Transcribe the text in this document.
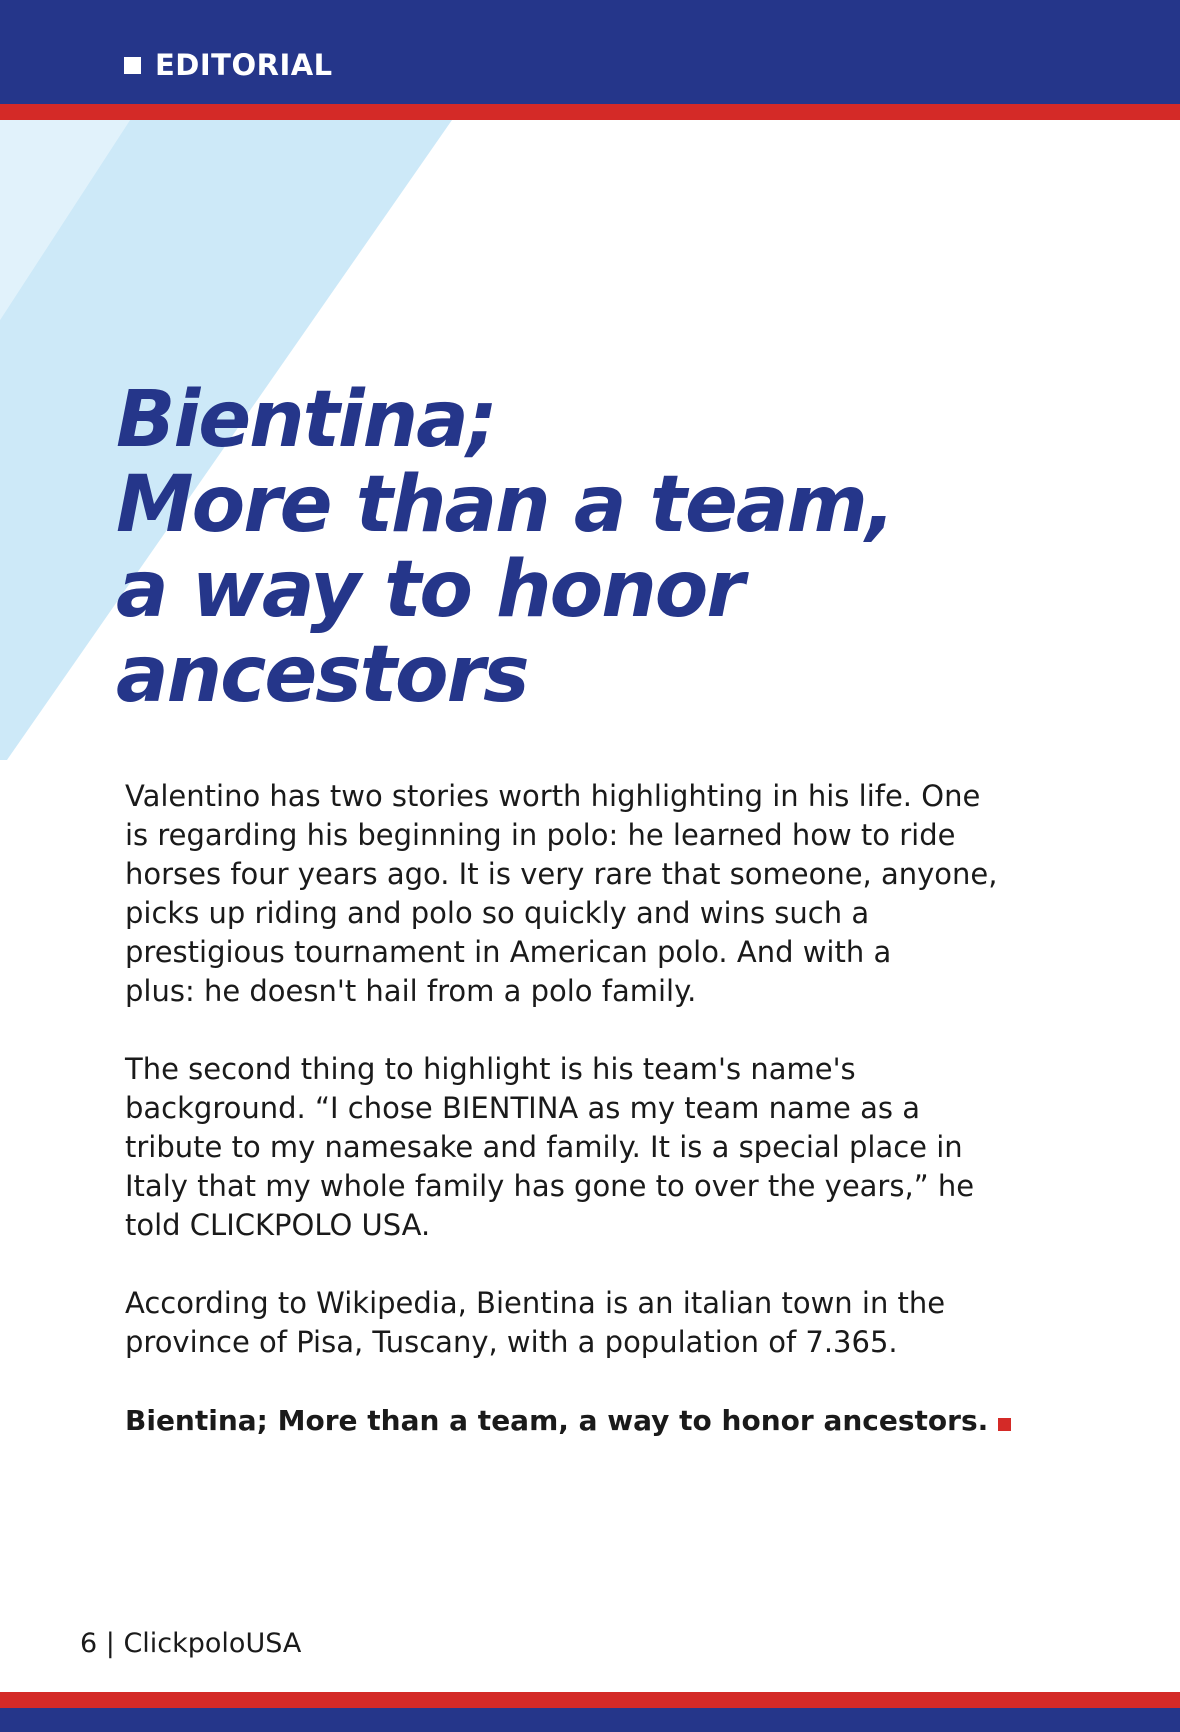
EDITORIAL
Bientina;
More than a team,
a way to honor
ancestors

Valentino has two stories worth highlighting in his life. One
is regarding his beginning in polo: he learned how to ride
horses four years ago. It is very rare that someone, anyone,
picks up riding and polo so quickly and wins such a
prestigious tournament in American polo. And with a
plus: he doesn't hail from a polo family.

The second thing to highlight is his team's name's
background. “I chose BIENTINA as my team name as a
tribute to my namesake and family. It is a special place in
Italy that my whole family has gone to over the years,” he
told CLICKPOLO USA.

According to Wikipedia, Bientina is an italian town in the
province of Pisa, Tuscany, with a population of 7.365.

Bientina; More than a team, a way to honor ancestors.

6 | ClickpoloUSA
